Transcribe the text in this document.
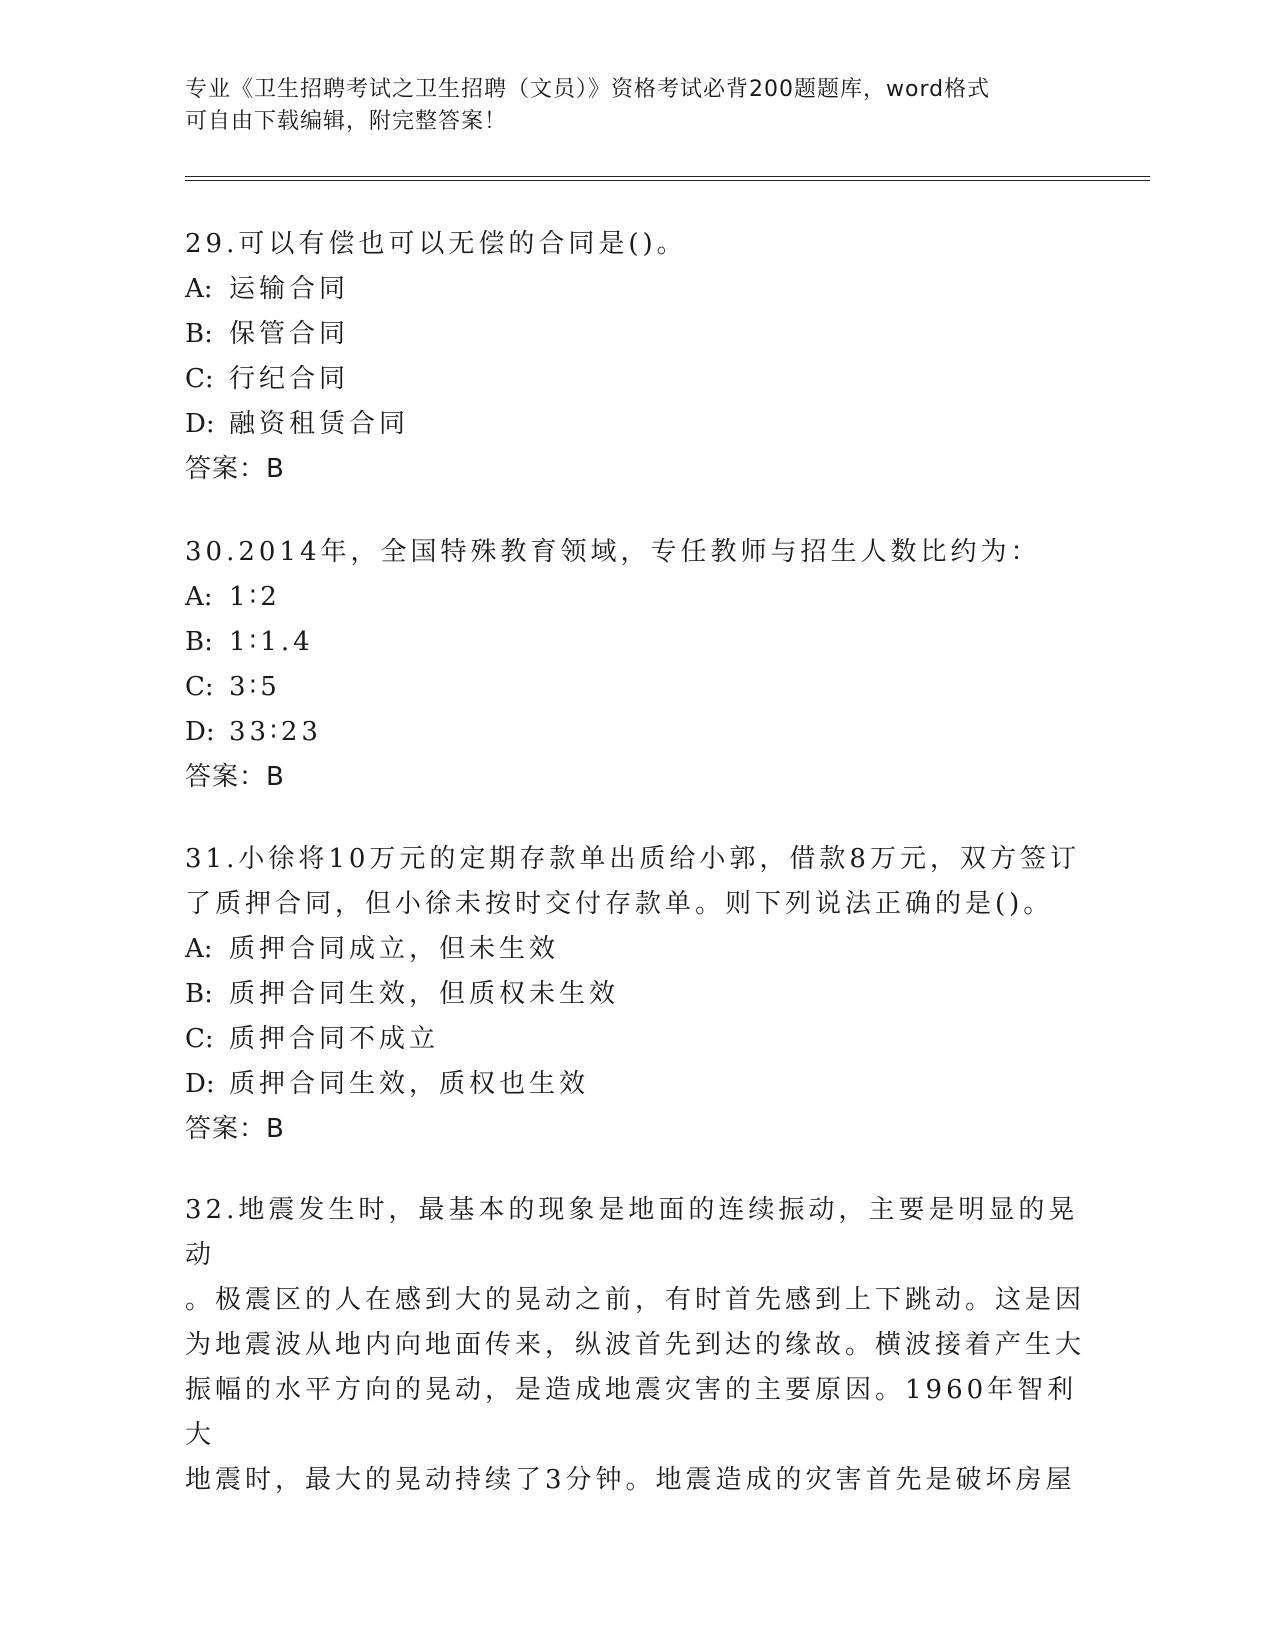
专业《卫生招聘考试之卫生招聘（文员）》资格考试必背200题题库，word格式
可自由下载编辑，附完整答案！
29.可以有偿也可以无偿的合同是()。
A: 运输合同
B: 保管合同
C: 行纪合同
D: 融资租赁合同
答案：B
30.2014年，全国特殊教育领域，专任教师与招生人数比约为：
A: 1∶2
B: 1∶1.4
C: 3∶5
D: 33∶23
答案：B
31.小徐将10万元的定期存款单出质给小郭，借款8万元，双方签订
了质押合同，但小徐未按时交付存款单。则下列说法正确的是()。
A: 质押合同成立，但未生效
B: 质押合同生效，但质权未生效
C: 质押合同不成立
D: 质押合同生效，质权也生效
答案：B
32.地震发生时，最基本的现象是地面的连续振动，主要是明显的晃动
。极震区的人在感到大的晃动之前，有时首先感到上下跳动。这是因
为地震波从地内向地面传来，纵波首先到达的缘故。横波接着产生大
振幅的水平方向的晃动，是造成地震灾害的主要原因。1960年智利大
地震时，最大的晃动持续了3分钟。地震造成的灾害首先是破坏房屋
